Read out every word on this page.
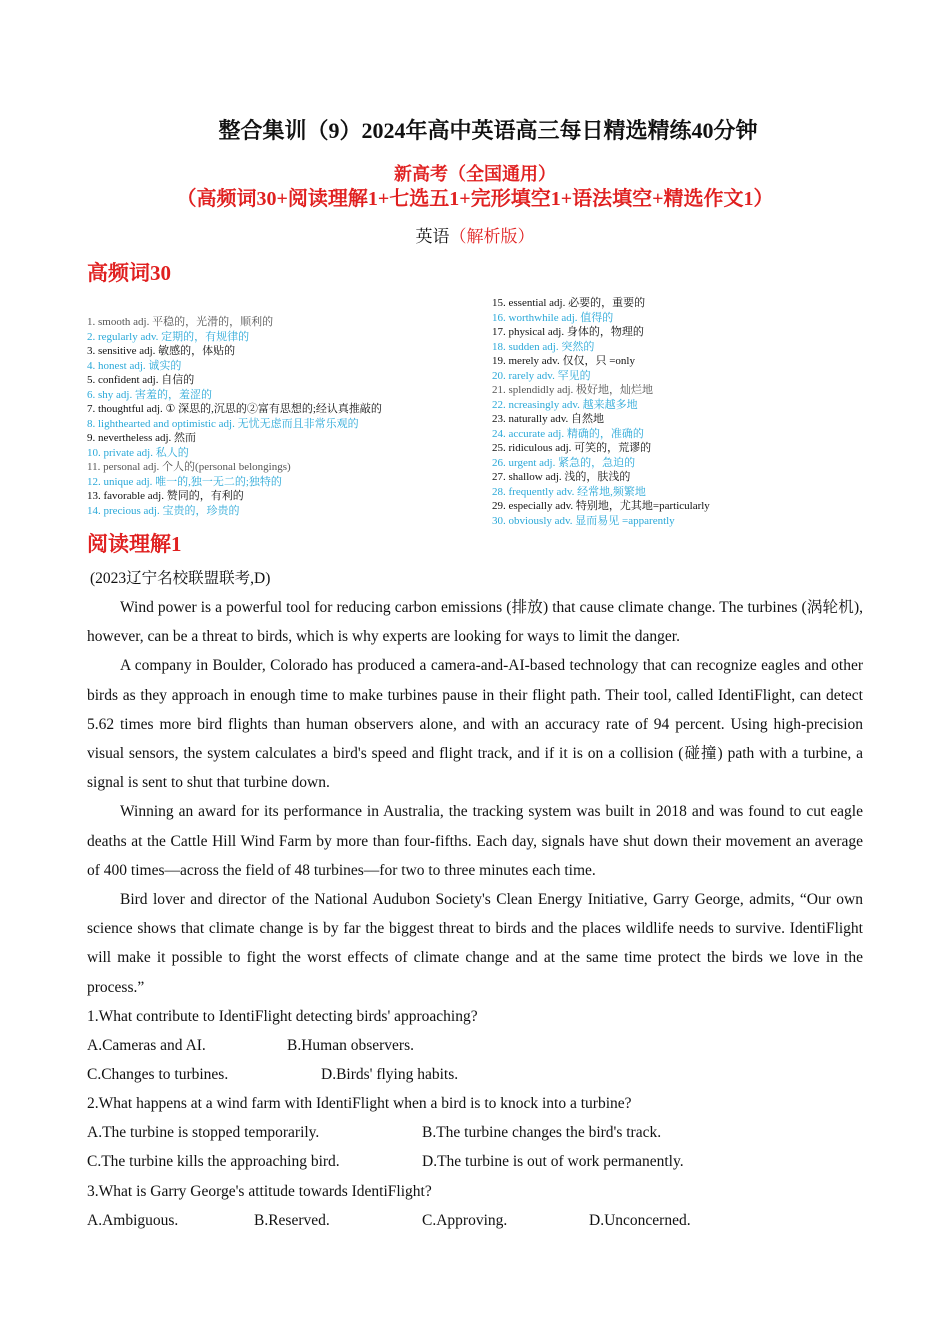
整合集训（9）2024年高中英语高三每日精选精练40分钟
新高考（全国通用）
（高频词30+阅读理解1+七选五1+完形填空1+语法填空+精选作文1）
英语（解析版）
高频词30
1. smooth adj. 平稳的，光滑的，顺利的
2. regularly adv. 定期的，有规律的
3. sensitive adj. 敏感的，体贴的
4. honest adj. 诚实的
5. confident adj. 自信的
6. shy adj. 害羞的，羞涩的
7. thoughtful adj. ① 深思的,沉思的②富有思想的;经认真推敲的
8. lighthearted and optimistic adj. 无忧无虑而且非常乐观的
9. nevertheless adj. 然而
10. private adj. 私人的
11. personal adj. 个人的(personal belongings)
12. unique adj. 唯一的,独一无二的;独特的
13. favorable adj. 赞同的，有利的
14. precious adj. 宝贵的，珍贵的
15. essential adj. 必要的，重要的
16. worthwhile adj. 值得的
17. physical adj. 身体的，物理的
18. sudden adj. 突然的
19. merely adv. 仅仅，只 =only
20. rarely adv. 罕见的
21. splendidly adj. 极好地，灿烂地
22. ncreasingly adv. 越来越多地
23. naturally adv. 自然地
24. accurate adj. 精确的，准确的
25. ridiculous adj. 可笑的，荒谬的
26. urgent adj. 紧急的，急迫的
27. shallow adj. 浅的，肤浅的
28. frequently adv. 经常地,频繁地
29. especially adv. 特别地，尤其地=particularly
30. obviously adv. 显而易见 =apparently
阅读理解1
(2023辽宁名校联盟联考,D)

Wind power is a powerful tool for reducing carbon emissions (排放) that cause climate change. The turbines (涡轮机), however, can be a threat to birds, which is why experts are looking for ways to limit the danger.

A company in Boulder, Colorado has produced a camera‑and‑AI‑based technology that can recognize eagles and other birds as they approach in enough time to make turbines pause in their flight path. Their tool, called IdentiFlight, can detect 5.62 times more bird flights than human observers alone, and with an accuracy rate of 94 percent. Using high‑precision visual sensors, the system calculates a bird's speed and flight track, and if it is on a collision (碰撞) path with a turbine, a signal is sent to shut that turbine down.

Winning an award for its performance in Australia, the tracking system was built in 2018 and was found to cut eagle deaths at the Cattle Hill Wind Farm by more than four‑fifths. Each day, signals have shut down their movement an average of 400 times—across the field of 48 turbines—for two to three minutes each time.

Bird lover and director of the National Audubon Society's Clean Energy Initiative, Garry George, admits, “Our own science shows that climate change is by far the biggest threat to birds and the places wildlife needs to survive. IdentiFlight will make it possible to fight the worst effects of climate change and at the same time protect the birds we love in the process.”

1.What contribute to IdentiFlight detecting birds' approaching?
A.Cameras and AI.	B.Human observers.
C.Changes to turbines.	D.Birds' flying habits.
2.What happens at a wind farm with IdentiFlight when a bird is to knock into a turbine?
A.The turbine is stopped temporarily.	B.The turbine changes the bird's track.
C.The turbine kills the approaching bird.	D.The turbine is out of work permanently.
3.What is Garry George's attitude towards IdentiFlight?
A.Ambiguous.	B.Reserved.	C.Approving.	D.Unconcerned.
